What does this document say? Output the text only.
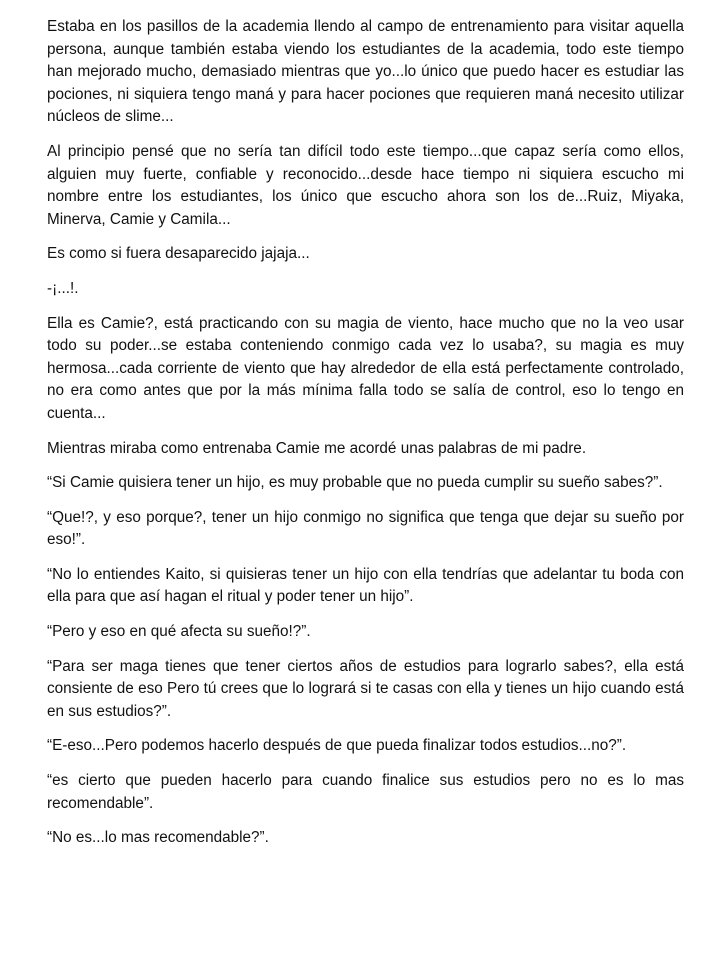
Estaba en los pasillos de la academia llendo al campo de entrenamiento para visitar aquella persona, aunque también estaba viendo los estudiantes de la academia, todo este tiempo han mejorado mucho, demasiado mientras que yo...lo único que puedo hacer es estudiar las pociones, ni siquiera tengo maná y para hacer pociones que requieren maná necesito utilizar núcleos de slime...

Al principio pensé que no sería tan difícil todo este tiempo...que capaz sería como ellos, alguien muy fuerte, confiable y reconocido...desde hace tiempo ni siquiera escucho mi nombre entre los estudiantes, los único que escucho ahora son los de...Ruiz, Miyaka, Minerva, Camie y Camila...

Es como si fuera desaparecido jajaja...

-¡...!.

Ella es Camie?, está practicando con su magia de viento, hace mucho que no la veo usar todo su poder...se estaba conteniendo conmigo cada vez lo usaba?, su magia es muy hermosa...cada corriente de viento que hay alrededor de ella está perfectamente controlado, no era como antes que por la más mínima falla todo se salía de control, eso lo tengo en cuenta...

Mientras miraba como entrenaba Camie me acordé unas palabras de mi padre.

“Si Camie quisiera tener un hijo, es muy probable que no pueda cumplir su sueño sabes?”.

“Que!?, y eso porque?, tener un hijo conmigo no significa que tenga que dejar su sueño por eso!”.

“No lo entiendes Kaito, si quisieras tener un hijo con ella tendrías que adelantar tu boda con ella para que así hagan el ritual y poder tener un hijo”.

“Pero y eso en qué afecta su sueño!?”.

“Para ser maga tienes que tener ciertos años de estudios para lograrlo sabes?, ella está consiente de eso Pero tú crees que lo logrará si te casas con ella y tienes un hijo cuando está en sus estudios?”.

“E-eso...Pero podemos hacerlo después de que pueda finalizar todos estudios...no?”.

“es cierto que pueden hacerlo para cuando finalice sus estudios pero no es lo mas recomendable”.

“No es...lo mas recomendable?”.
